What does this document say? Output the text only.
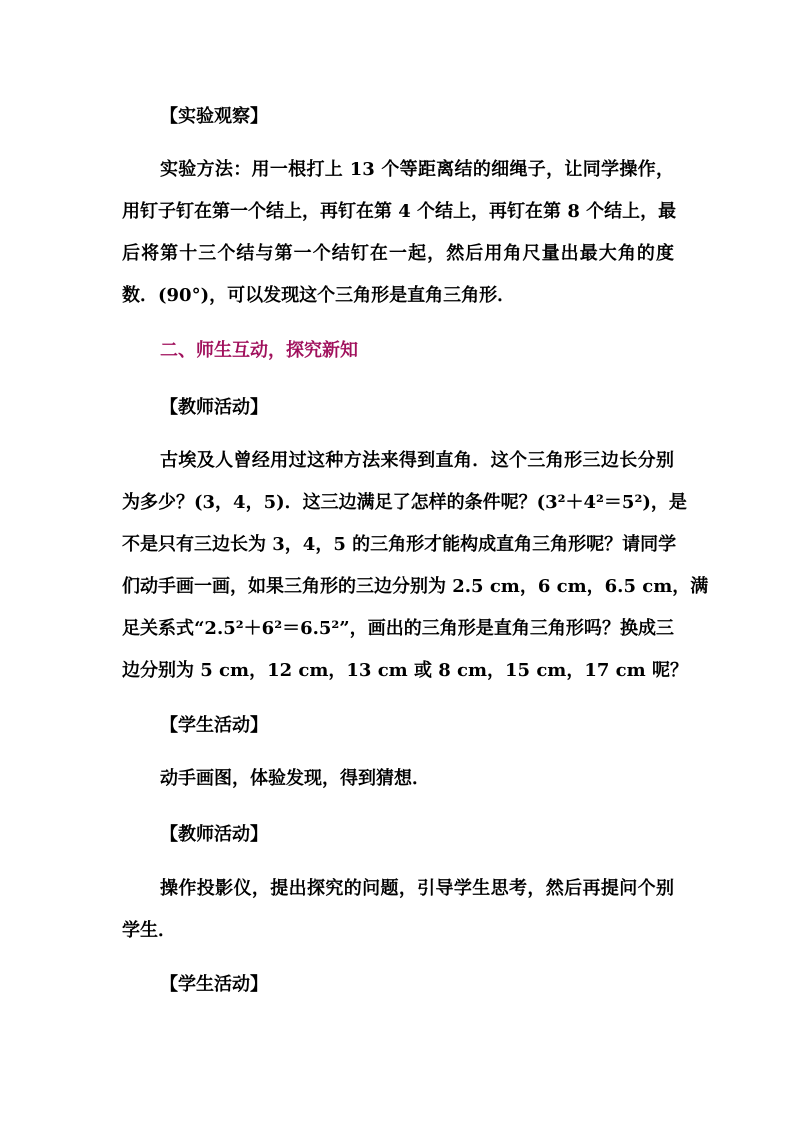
【实验观察】
实验方法：用一根打上 13 个等距离结的细绳子，让同学操作，
用钉子钉在第一个结上，再钉在第 4 个结上，再钉在第 8 个结上，最
后将第十三个结与第一个结钉在一起，然后用角尺量出最大角的度
数．(90°)，可以发现这个三角形是直角三角形．
二、师生互动，探究新知
【教师活动】
古埃及人曾经用过这种方法来得到直角．这个三角形三边长分别
为多少？(3，4，5)．这三边满足了怎样的条件呢？(3²＋4²＝5²)，是
不是只有三边长为 3，4，5 的三角形才能构成直角三角形呢？请同学
们动手画一画，如果三角形的三边分别为 2.5 cm，6 cm，6.5 cm，满
足关系式“2.5²＋6²＝6.5²”，画出的三角形是直角三角形吗？换成三
边分别为 5 cm，12 cm，13 cm 或 8 cm，15 cm，17 cm 呢？
【学生活动】
动手画图，体验发现，得到猜想．
【教师活动】
操作投影仪，提出探究的问题，引导学生思考，然后再提问个别
学生．
【学生活动】
